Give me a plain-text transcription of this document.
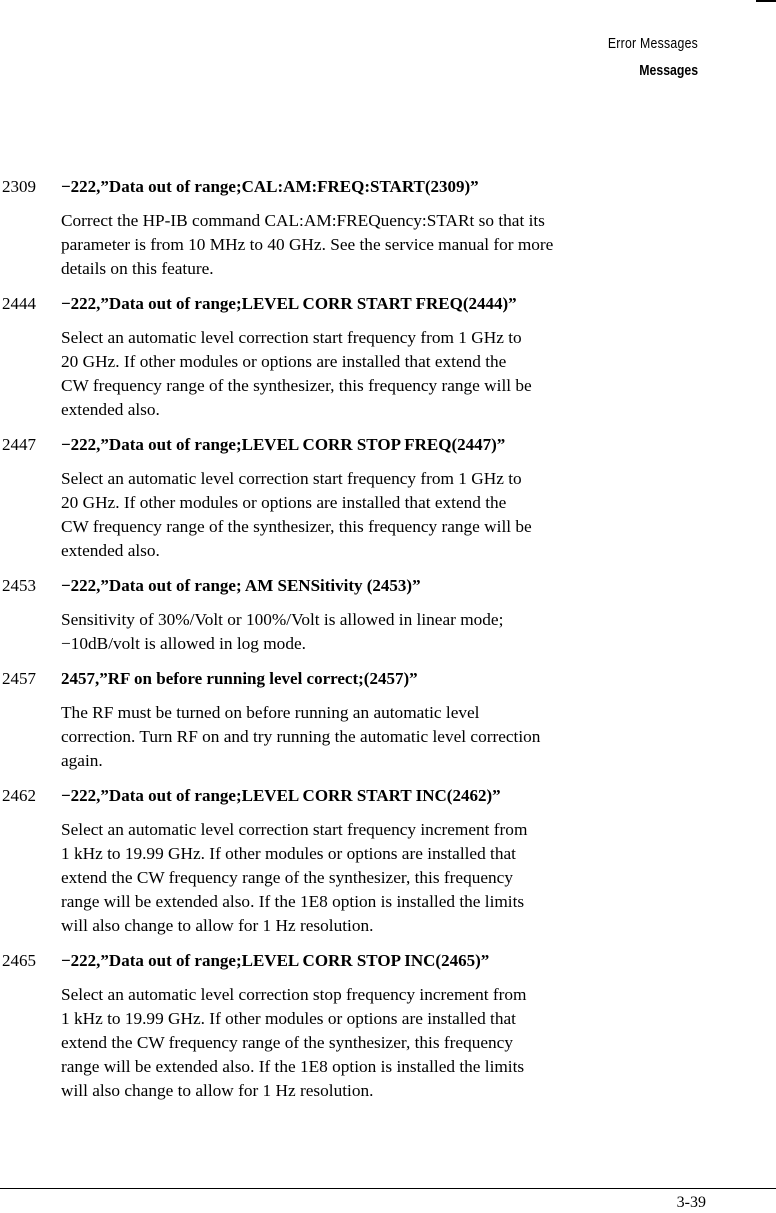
Error Messages
Messages
2309 −222,”Data out of range;CAL:AM:FREQ:START(2309)”
Correct the HP-IB command CAL:AM:FREQuency:STARt so that its
parameter is from 10 MHz to 40 GHz. See the service manual for more
details on this feature.
2444 −222,”Data out of range;LEVEL CORR START FREQ(2444)”
Select an automatic level correction start frequency from 1 GHz to
20 GHz. If other modules or options are installed that extend the
CW frequency range of the synthesizer, this frequency range will be
extended also.
2447 −222,”Data out of range;LEVEL CORR STOP FREQ(2447)”
Select an automatic level correction start frequency from 1 GHz to
20 GHz. If other modules or options are installed that extend the
CW frequency range of the synthesizer, this frequency range will be
extended also.
2453 −222,”Data out of range; AM SENSitivity (2453)”
Sensitivity of 30%/Volt or 100%/Volt is allowed in linear mode;
−10dB/volt is allowed in log mode.
2457 2457,”RF on before running level correct;(2457)”
The RF must be turned on before running an automatic level
correction. Turn RF on and try running the automatic level correction
again.
2462 −222,”Data out of range;LEVEL CORR START INC(2462)”
Select an automatic level correction start frequency increment from
1 kHz to 19.99 GHz. If other modules or options are installed that
extend the CW frequency range of the synthesizer, this frequency
range will be extended also. If the 1E8 option is installed the limits
will also change to allow for 1 Hz resolution.
2465 −222,”Data out of range;LEVEL CORR STOP INC(2465)”
Select an automatic level correction stop frequency increment from
1 kHz to 19.99 GHz. If other modules or options are installed that
extend the CW frequency range of the synthesizer, this frequency
range will be extended also. If the 1E8 option is installed the limits
will also change to allow for 1 Hz resolution.
3-39
